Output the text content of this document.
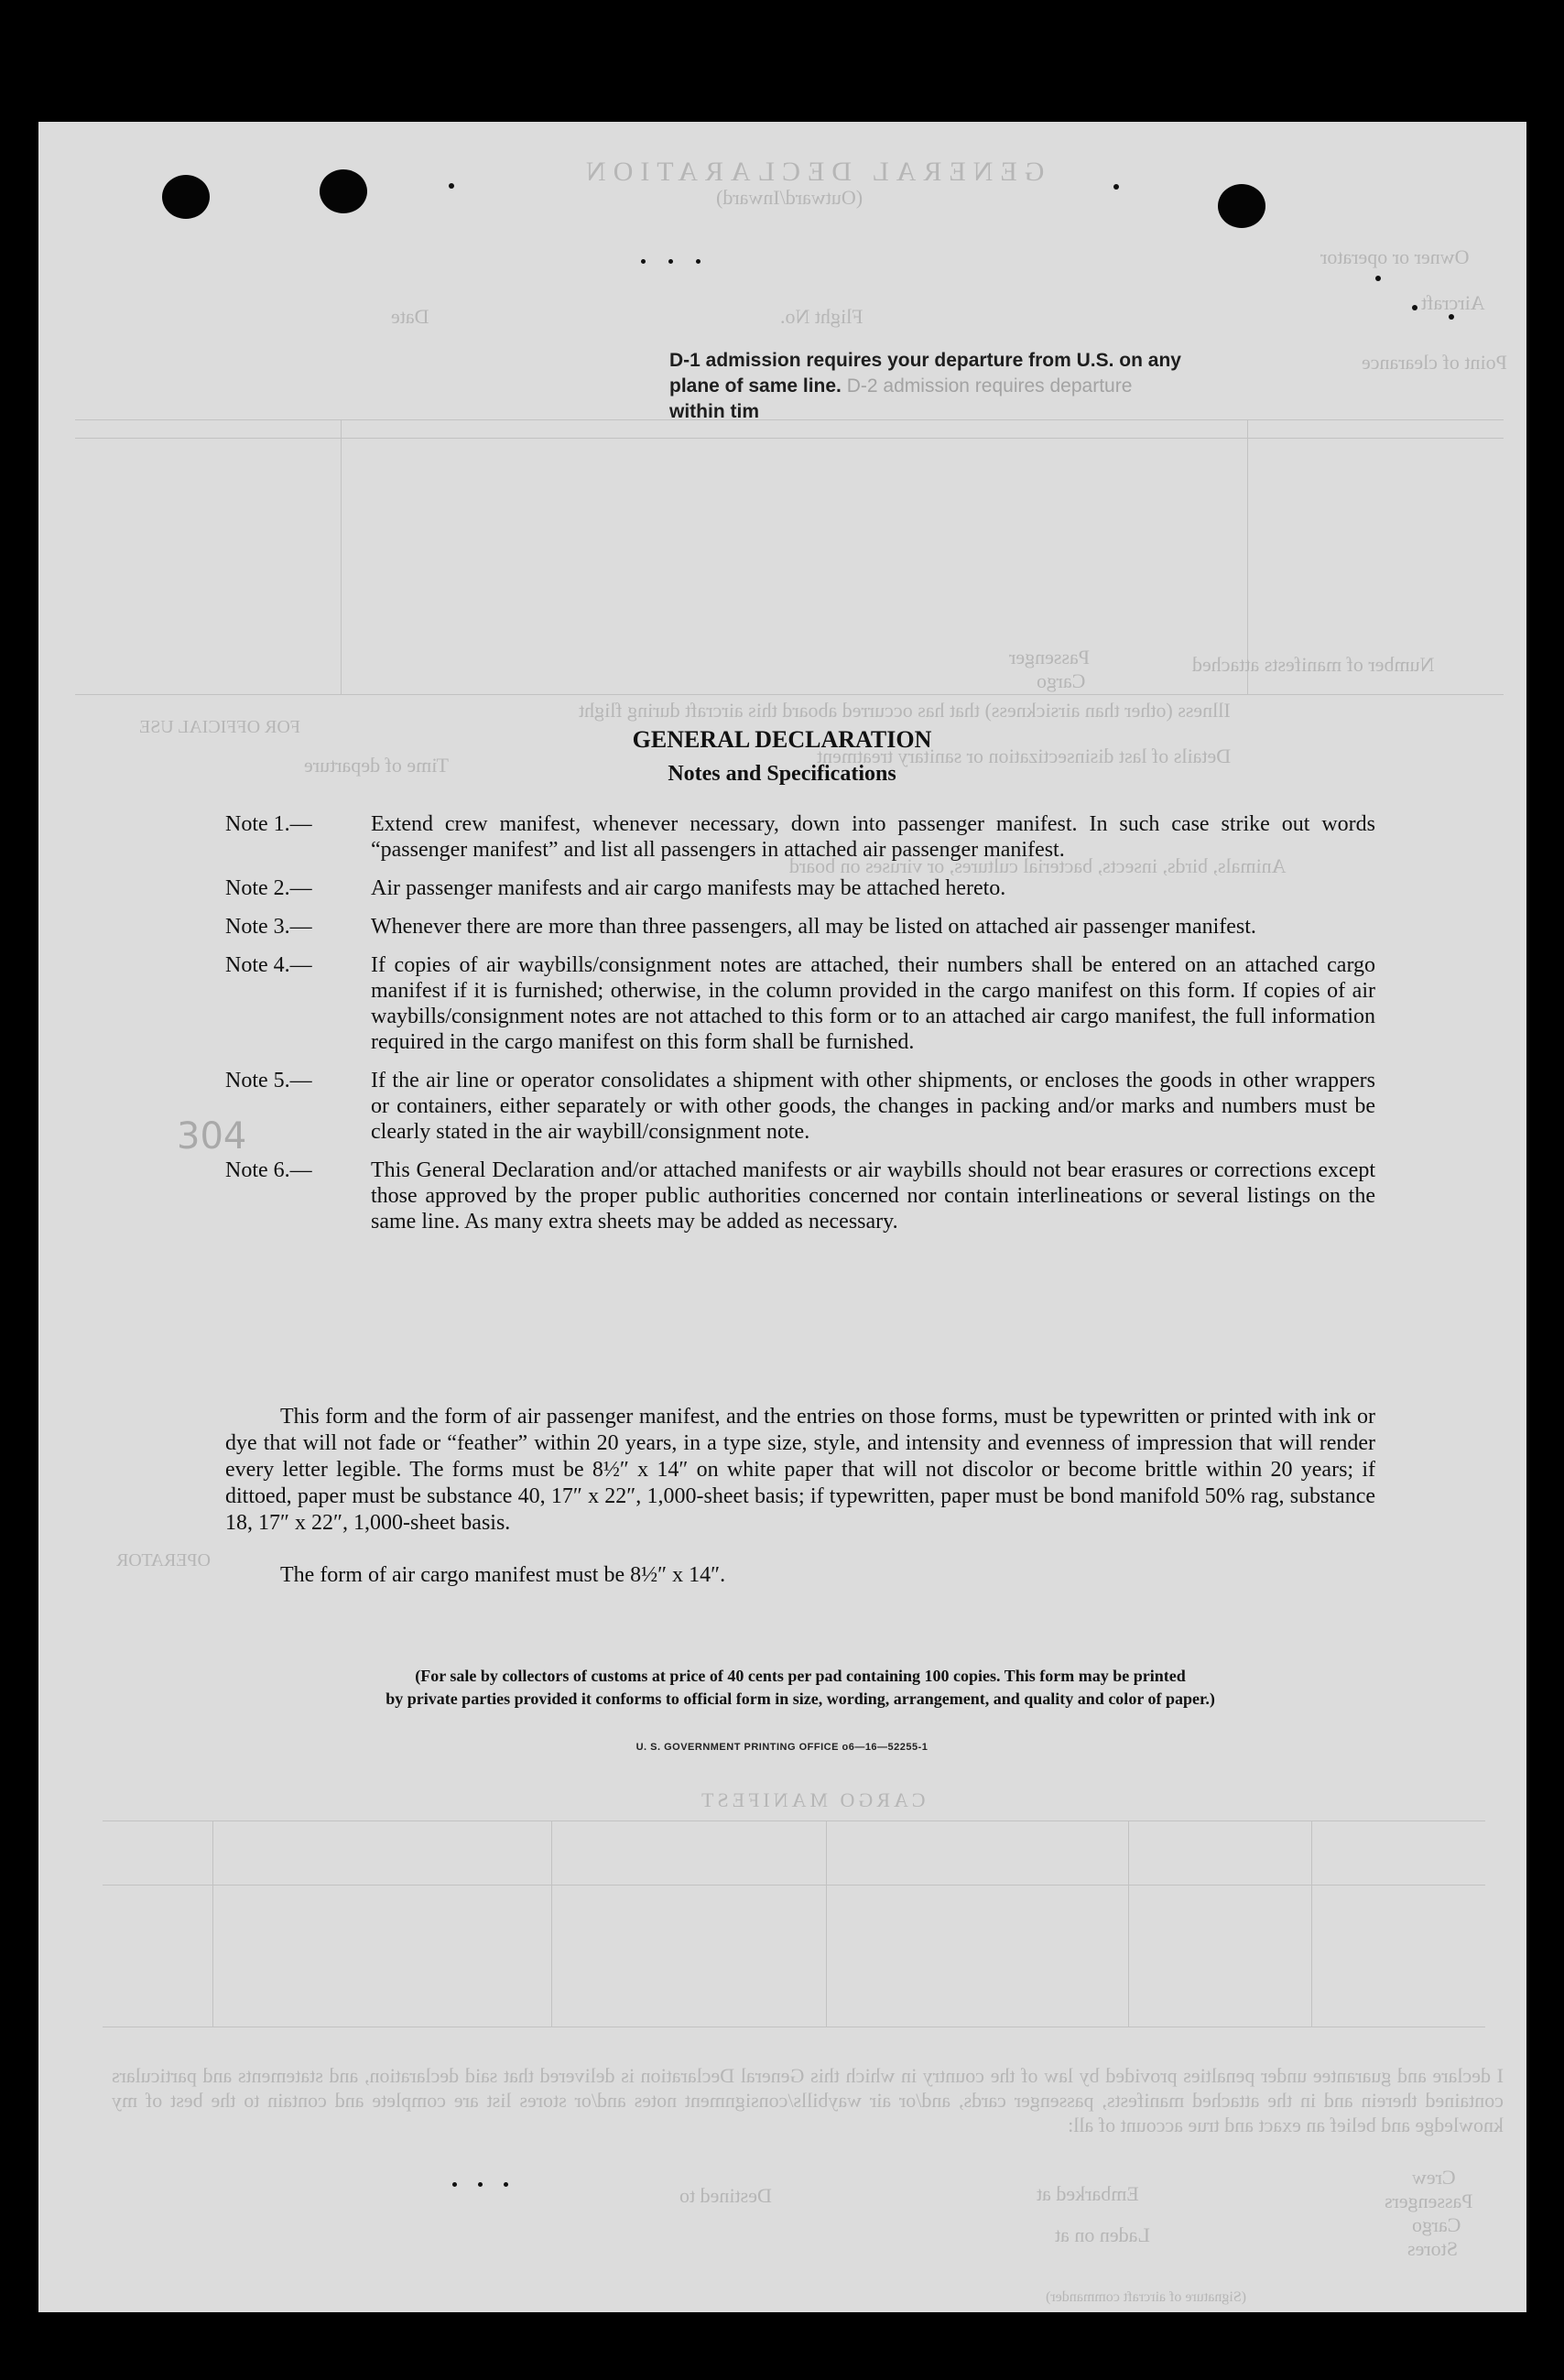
GENERAL DECLARATION
(Outward/Inward)
Owner or operator
Aircraft
Flight No.
Date
Point of clearance
Number of manifests attached
Passenger
Cargo
Illness (other than airsickness) that has occurred aboard this aircraft during flight
Details of last disinsectization or sanitary treatment
FOR OFFICIAL USE
Time of departure
Animals, birds, insects, bacterial cultures, or viruses on board
OPERATOR
CARGO MANIFEST
I declare and guarantee under penalties provided by law of the country in which this General Declaration is delivered that said declaration, and statements and particulars contained therein and in the attached manifests, passenger cards, and/or air waybills/consignment notes and/or stores list are complete and contain to the best of my knowledge and belief an exact and true account of all:
Crew
Passengers
Cargo
Stores
Embarked at
Destined to
Laden on at
(Signature of aircraft commander)
D-1 admission requires your departure from U.S. on any
plane of same line. D-2 admission requires departure
within tim
GENERAL DECLARATION
Notes and Specifications
Note 1.—	Extend crew manifest, whenever necessary, down into passenger manifest. In such case strike out words “passenger manifest” and list all passengers in attached air passenger manifest.
Note 2.—	Air passenger manifests and air cargo manifests may be attached hereto.
Note 3.—	Whenever there are more than three passengers, all may be listed on attached air passenger manifest.
Note 4.—	If copies of air waybills/consignment notes are attached, their numbers shall be entered on an attached cargo manifest if it is furnished; otherwise, in the column provided in the cargo manifest on this form. If copies of air waybills/consignment notes are not attached to this form or to an attached air cargo manifest, the full information required in the cargo manifest on this form shall be furnished.
Note 5.—	If the air line or operator consolidates a shipment with other shipments, or encloses the goods in other wrappers or containers, either separately or with other goods, the changes in packing and/or marks and numbers must be clearly stated in the air waybill/consignment note.
Note 6.—	This General Declaration and/or attached manifests or air waybills should not bear erasures or corrections except those approved by the proper public authorities concerned nor contain interlineations or several listings on the same line. As many extra sheets may be added as necessary.
304
This form and the form of air passenger manifest, and the entries on those forms, must be typewritten or printed with ink or dye that will not fade or “feather” within 20 years, in a type size, style, and intensity and evenness of impression that will render every letter legible. The forms must be 8½″ x 14″ on white paper that will not discolor or become brittle within 20 years; if dittoed, paper must be substance 40, 17″ x 22″, 1,000-sheet basis; if typewritten, paper must be bond manifold 50% rag, substance 18, 17″ x 22″, 1,000-sheet basis.
The form of air cargo manifest must be 8½″ x 14″.
(For sale by collectors of customs at price of 40 cents per pad containing 100 copies. This form may be printed
by private parties provided it conforms to official form in size, wording, arrangement, and quality and color of paper.)
U. S. GOVERNMENT PRINTING OFFICE o6—16—52255-1
